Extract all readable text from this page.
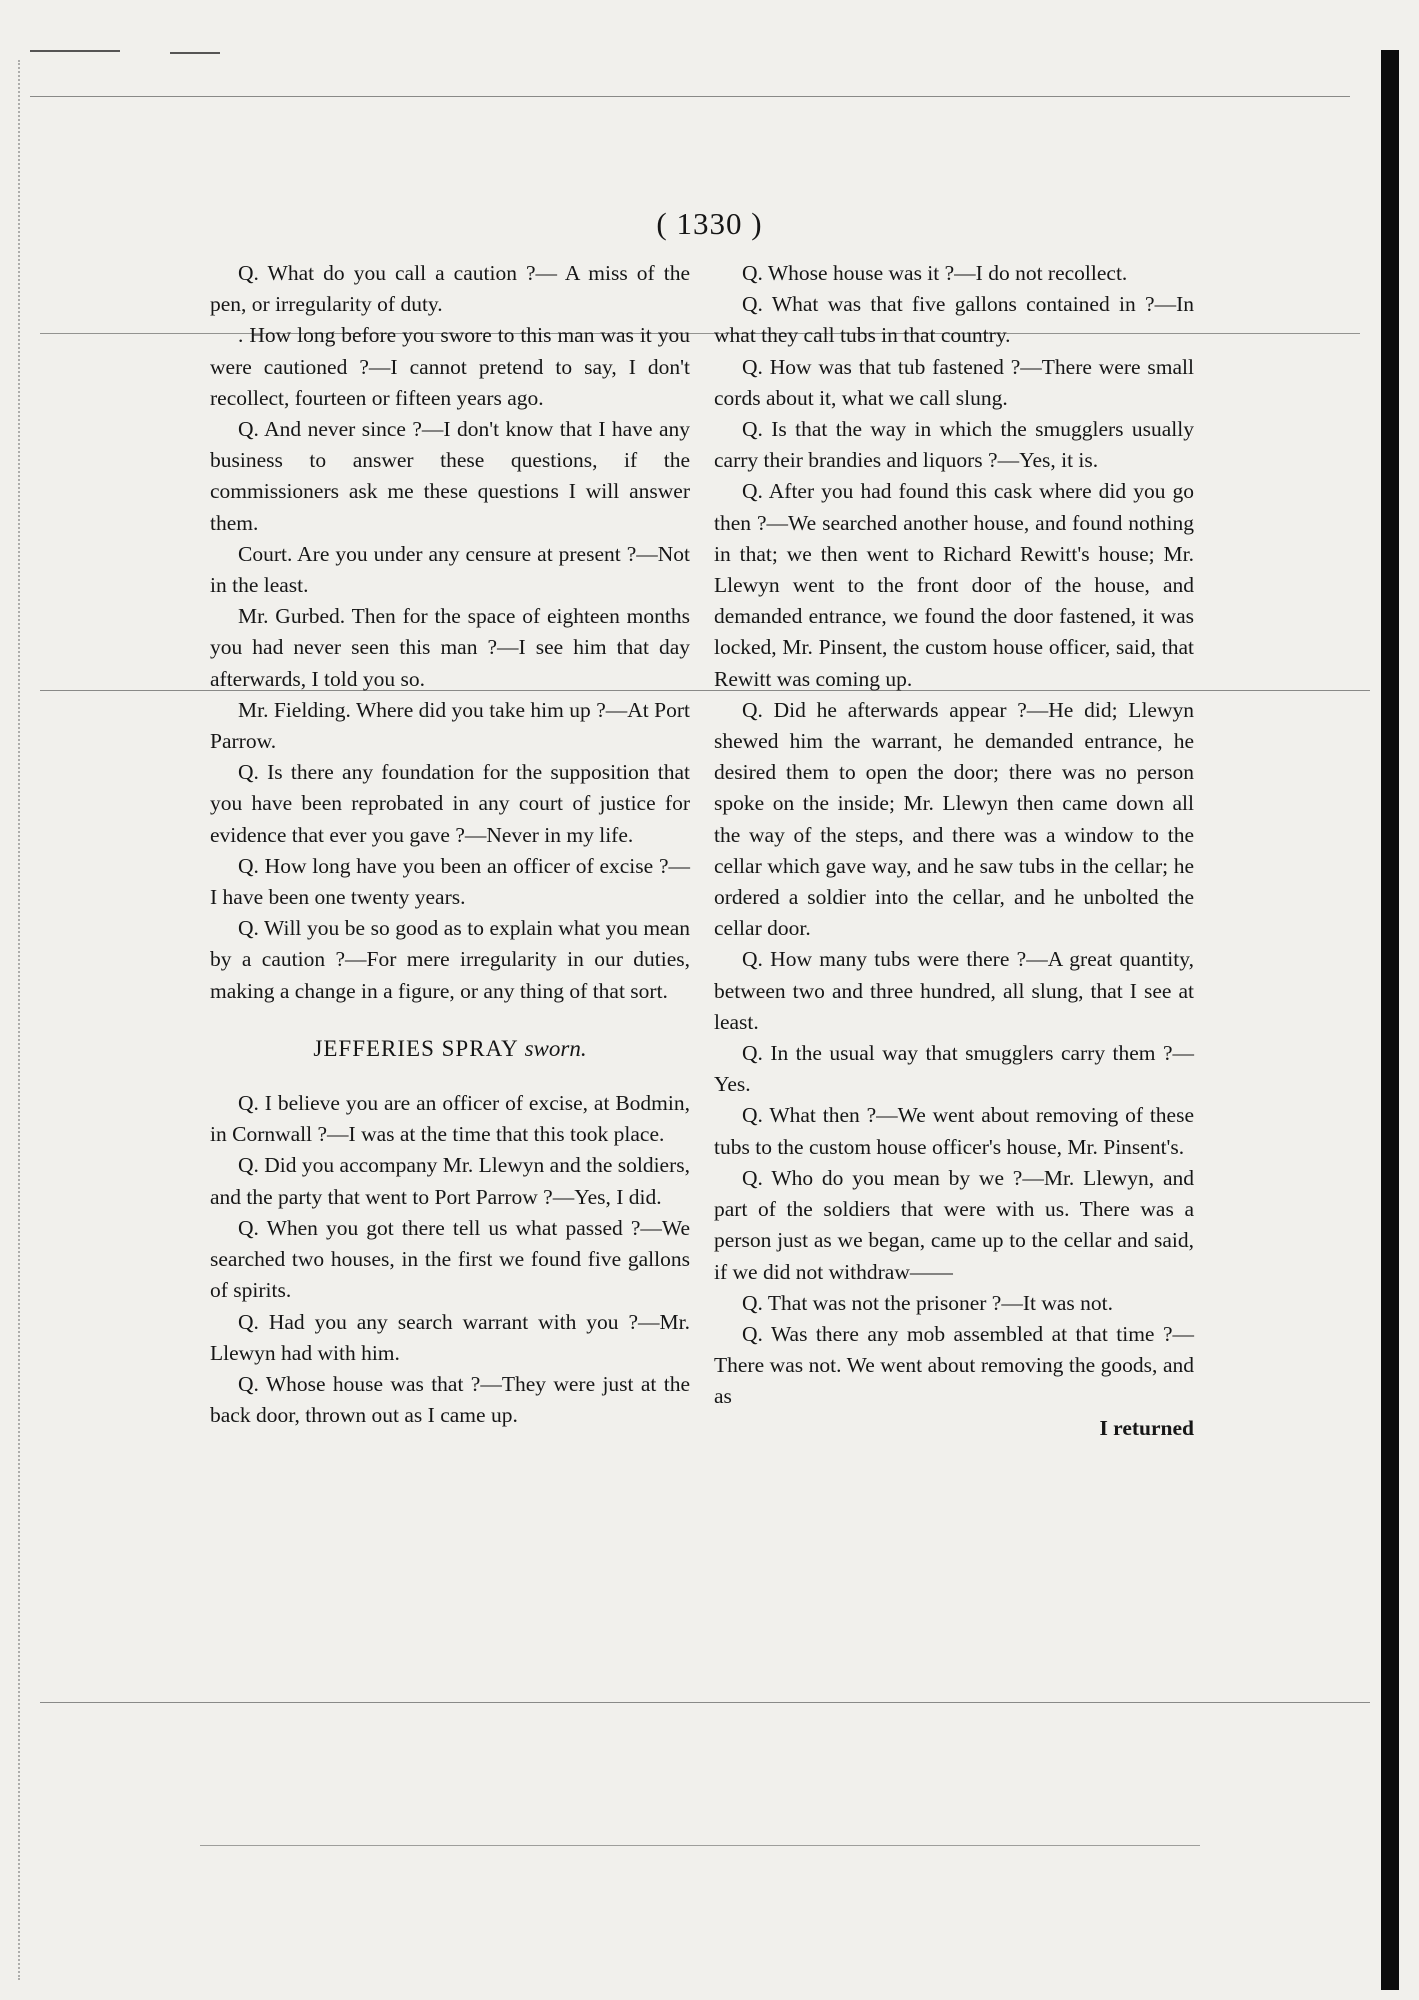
( 1330 )

Q. What do you call a caution ?— A miss of the pen, or irregularity of duty.

. How long before you swore to this man was it you were cautioned ?—I cannot pretend to say, I don't recollect, fourteen or fifteen years ago.

Q. And never since ?—I don't know that I have any business to answer these questions, if the commissioners ask me these questions I will answer them.

Court. Are you under any censure at present ?—Not in the least.

Mr. Gurbed. Then for the space of eighteen months you had never seen this man ?—I see him that day afterwards, I told you so.

Mr. Fielding. Where did you take him up ?—At Port Parrow.

Q. Is there any foundation for the supposition that you have been reprobated in any court of justice for evidence that ever you gave ?—Never in my life.

Q. How long have you been an officer of excise ?—I have been one twenty years.

Q. Will you be so good as to explain what you mean by a caution ?—For mere irregularity in our duties, making a change in a figure, or any thing of that sort.

JEFFERIES SPRAY sworn.

Q. I believe you are an officer of excise, at Bodmin, in Cornwall ?—I was at the time that this took place.

Q. Did you accompany Mr. Llewyn and the soldiers, and the party that went to Port Parrow ?—Yes, I did.

Q. When you got there tell us what passed ?—We searched two houses, in the first we found five gallons of spirits.

Q. Had you any search warrant with you ?—Mr. Llewyn had with him.

Q. Whose house was that ?—They were just at the back door, thrown out as I came up.

Q. Whose house was it ?—I do not recollect.

Q. What was that five gallons contained in ?—In what they call tubs in that country.

Q. How was that tub fastened ?—There were small cords about it, what we call slung.

Q. Is that the way in which the smugglers usually carry their brandies and liquors ?—Yes, it is.

Q. After you had found this cask where did you go then ?—We searched another house, and found nothing in that; we then went to Richard Rewitt's house; Mr. Llewyn went to the front door of the house, and demanded entrance, we found the door fastened, it was locked, Mr. Pinsent, the custom house officer, said, that Rewitt was coming up.

Q. Did he afterwards appear ?—He did; Llewyn shewed him the warrant, he demanded entrance, he desired them to open the door; there was no person spoke on the inside; Mr. Llewyn then came down all the way of the steps, and there was a window to the cellar which gave way, and he saw tubs in the cellar; he ordered a soldier into the cellar, and he unbolted the cellar door.

Q. How many tubs were there ?—A great quantity, between two and three hundred, all slung, that I see at least.

Q. In the usual way that smugglers carry them ?—Yes.

Q. What then ?—We went about removing of these tubs to the custom house officer's house, Mr. Pinsent's.

Q. Who do you mean by we ?—Mr. Llewyn, and part of the soldiers that were with us. There was a person just as we began, came up to the cellar and said, if we did not withdraw——

Q. That was not the prisoner ?—It was not.

Q. Was there any mob assembled at that time ?—There was not. We went about removing the goods, and as

I returned
